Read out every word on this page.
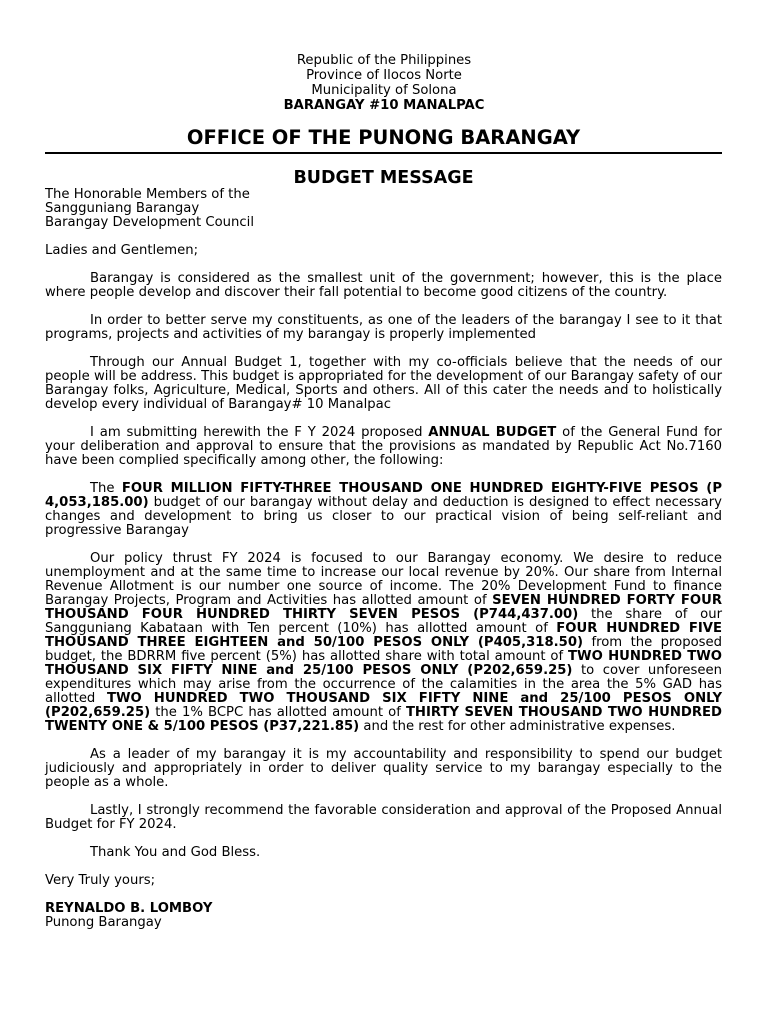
Republic of the Philippines
Province of Ilocos Norte
Municipality of Solona
BARANGAY #10 MANALPAC
OFFICE OF THE PUNONG BARANGAY
BUDGET MESSAGE

The Honorable Members of the
Sangguniang Barangay
Barangay Development Council

Ladies and Gentlemen;

Barangay is considered as the smallest unit of the government; however, this is the place where people develop and discover their fall potential to become good citizens of the country.

In order to better serve my constituents, as one of the leaders of the barangay I see to it that programs, projects and activities of my barangay is properly implemented

Through our Annual Budget 1, together with my co-officials believe that the needs of our people will be address. This budget is appropriated for the development of our Barangay safety of our Barangay folks, Agriculture, Medical, Sports and others. All of this cater the needs and to holistically develop every individual of Barangay# 10 Manalpac

I am submitting herewith the F Y 2024 proposed ANNUAL BUDGET of the General Fund for your deliberation and approval to ensure that the provisions as mandated by Republic Act No.7160 have been complied specifically among other, the following:

The FOUR MILLION FIFTY-THREE THOUSAND ONE HUNDRED EIGHTY-FIVE PESOS (P 4,053,185.00) budget of our barangay without delay and deduction is designed to effect necessary changes and development to bring us closer to our practical vision of being self-reliant and progressive Barangay

Our policy thrust FY 2024 is focused to our Barangay economy. We desire to reduce unemployment and at the same time to increase our local revenue by 20%. Our share from Internal Revenue Allotment is our number one source of income. The 20% Development Fund to finance Barangay Projects, Program and Activities has allotted amount of SEVEN HUNDRED FORTY FOUR THOUSAND FOUR HUNDRED THIRTY SEVEN PESOS (P744,437.00) the share of our Sangguniang Kabataan with Ten percent (10%) has allotted amount of FOUR HUNDRED FIVE THOUSAND THREE EIGHTEEN and 50/100 PESOS ONLY (P405,318.50) from the proposed budget, the BDRRM five percent (5%) has allotted share with total amount of TWO HUNDRED TWO THOUSAND SIX FIFTY NINE and 25/100 PESOS ONLY (P202,659.25) to cover unforeseen expenditures which may arise from the occurrence of the calamities in the area the 5% GAD has allotted TWO HUNDRED TWO THOUSAND SIX FIFTY NINE and 25/100 PESOS ONLY (P202,659.25) the 1% BCPC has allotted amount of THIRTY SEVEN THOUSAND TWO HUNDRED TWENTY ONE & 5/100 PESOS (P37,221.85) and the rest for other administrative expenses.

As a leader of my barangay it is my accountability and responsibility to spend our budget judiciously and appropriately in order to deliver quality service to my barangay especially to the people as a whole.

Lastly, I strongly recommend the favorable consideration and approval of the Proposed Annual Budget for FY 2024.

Thank You and God Bless.

Very Truly yours;

REYNALDO B. LOMBOY
Punong Barangay
